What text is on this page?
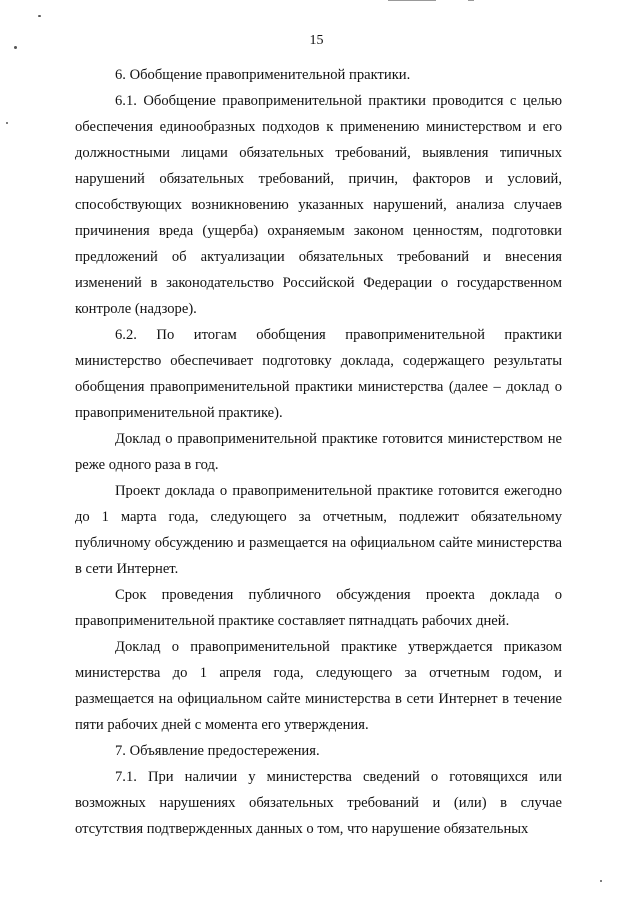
15

6. Обобщение правоприменительной практики.

6.1. Обобщение правоприменительной практики проводится с целью обеспечения единообразных подходов к применению министерством и его должностными лицами обязательных требований, выявления типичных нарушений обязательных требований, причин, факторов и условий, способствующих возникновению указанных нарушений, анализа случаев причинения вреда (ущерба) охраняемым законом ценностям, подготовки предложений об актуализации обязательных требований и внесения изменений в законодательство Российской Федерации о государственном контроле (надзоре).

6.2. По итогам обобщения правоприменительной практики министерство обеспечивает подготовку доклада, содержащего результаты обобщения правоприменительной практики министерства (далее – доклад о правоприменительной практике).

Доклад о правоприменительной практике готовится министерством не реже одного раза в год.

Проект доклада о правоприменительной практике готовится ежегодно до 1 марта года, следующего за отчетным, подлежит обязательному публичному обсуждению и размещается на официальном сайте министерства в сети Интернет.

Срок проведения публичного обсуждения проекта доклада о правоприменительной практике составляет пятнадцать рабочих дней.

Доклад о правоприменительной практике утверждается приказом министерства до 1 апреля года, следующего за отчетным годом, и размещается на официальном сайте министерства в сети Интернет в течение пяти рабочих дней с момента его утверждения.

7. Объявление предостережения.

7.1. При наличии у министерства сведений о готовящихся или возможных нарушениях обязательных требований и (или) в случае отсутствия подтвержденных данных о том, что нарушение обязательных
